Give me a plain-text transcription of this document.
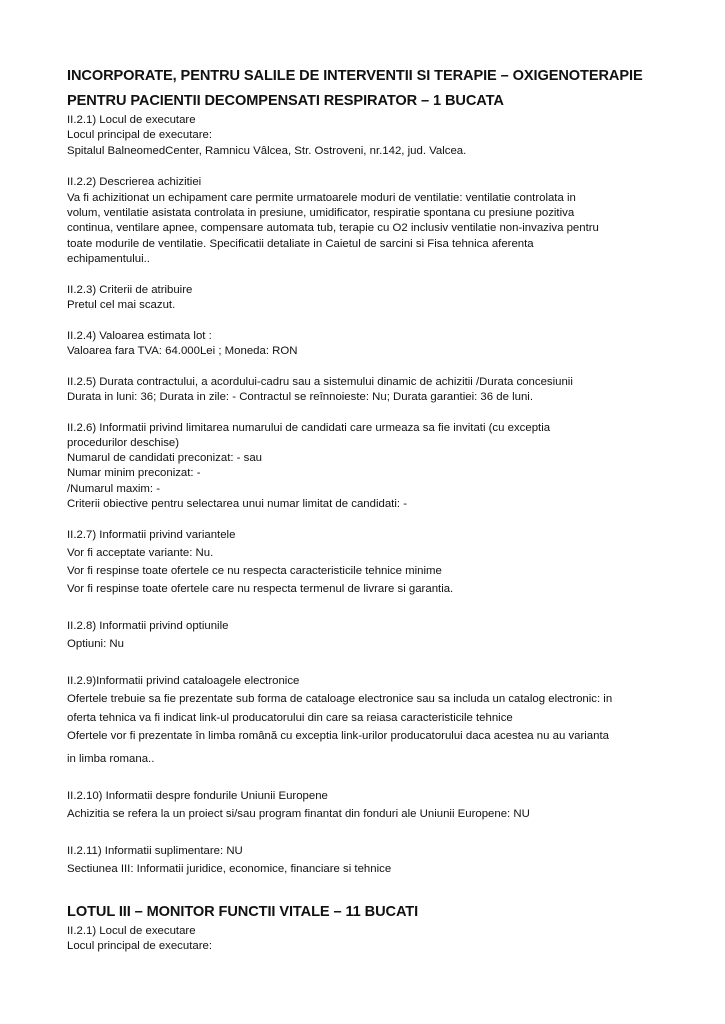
INCORPORATE, PENTRU SALILE DE INTERVENTII SI TERAPIE – OXIGENOTERAPIE

PENTRU PACIENTII DECOMPENSATI RESPIRATOR – 1 BUCATA

II.2.1) Locul de executare

Locul principal de executare:

Spitalul BalneomedCenter, Ramnicu Vâlcea, Str. Ostroveni, nr.142, jud. Valcea.

II.2.2) Descrierea achizitiei

Va fi achizitionat un echipament care permite urmatoarele moduri de ventilatie: ventilatie controlata in

volum, ventilatie asistata controlata in presiune, umidificator, respiratie spontana cu presiune pozitiva

continua, ventilare apnee, compensare automata tub, terapie cu O2 inclusiv ventilatie non-invaziva pentru

toate modurile de ventilatie. Specificatii detaliate in Caietul de sarcini si Fisa tehnica aferenta

echipamentului..

II.2.3) Criterii de atribuire

Pretul cel mai scazut.

II.2.4) Valoarea estimata lot :

Valoarea fara TVA: 64.000Lei ; Moneda: RON

II.2.5) Durata contractului, a acordului-cadru sau a sistemului dinamic de achizitii /Durata concesiunii

Durata in luni: 36; Durata in zile: - Contractul se reînnoieste: Nu; Durata garantiei: 36 de luni.

II.2.6) Informatii privind limitarea numarului de candidati care urmeaza sa fie invitati (cu exceptia

procedurilor deschise)

Numarul de candidati preconizat: - sau

Numar minim preconizat: -

/Numarul maxim: -

Criterii obiective pentru selectarea unui numar limitat de candidati: -

II.2.7) Informatii privind variantele

Vor fi acceptate variante: Nu.

Vor fi respinse toate ofertele ce nu respecta caracteristicile tehnice minime

Vor fi respinse toate ofertele care nu respecta termenul de livrare si garantia.

II.2.8) Informatii privind optiunile

Optiuni: Nu

II.2.9)Informatii privind cataloagele electronice

Ofertele trebuie sa fie prezentate sub forma de cataloage electronice sau sa includa un catalog electronic: in

oferta tehnica va fi indicat link-ul producatorului din care sa reiasa caracteristicile tehnice

Ofertele vor fi prezentate în limba română cu exceptia link-urilor producatorului daca acestea nu au varianta

in limba romana..

II.2.10) Informatii despre fondurile Uniunii Europene

Achizitia se refera la un proiect si/sau program finantat din fonduri ale Uniunii Europene: NU

II.2.11) Informatii suplimentare: NU

Sectiunea III: Informatii juridice, economice, financiare si tehnice

LOTUL III – MONITOR FUNCTII VITALE – 11 BUCATI

II.2.1) Locul de executare

Locul principal de executare:
